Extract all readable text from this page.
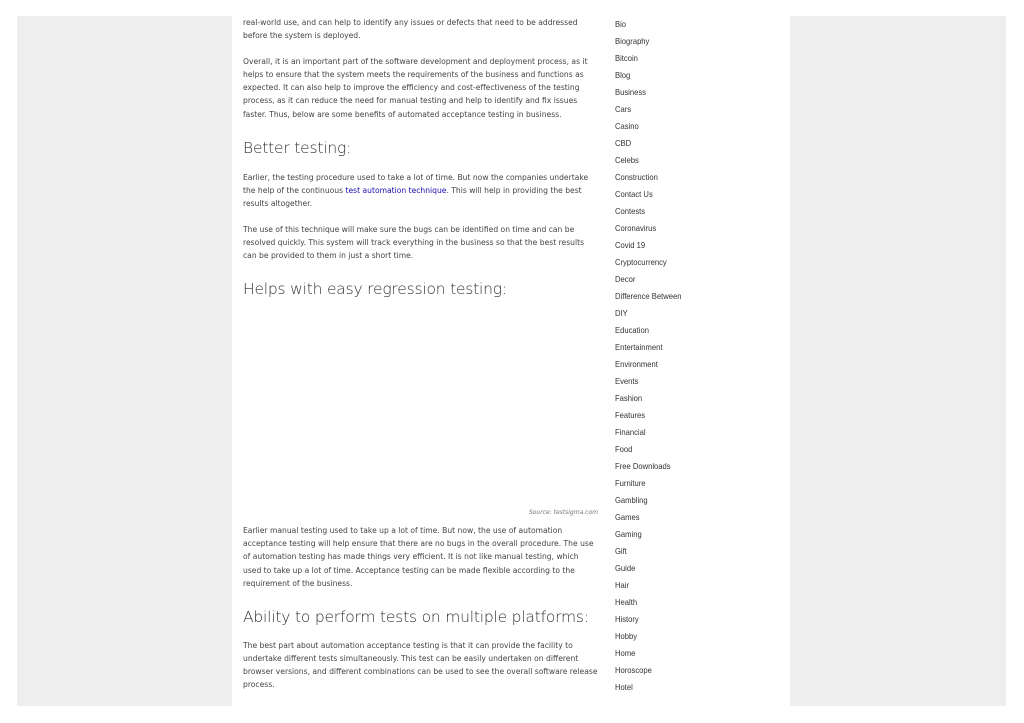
real-world use, and can help to identify any issues or defects that need to be addressed before the system is deployed.

Overall, it is an important part of the software development and deployment process, as it helps to ensure that the system meets the requirements of the business and functions as expected. It can also help to improve the efficiency and cost-effectiveness of the testing process, as it can reduce the need for manual testing and help to identify and fix issues faster. Thus, below are some benefits of automated acceptance testing in business.

Better testing:

Earlier, the testing procedure used to take a lot of time. But now the companies undertake the help of the continuous test automation technique. This will help in providing the best results altogether.

The use of this technique will make sure the bugs can be identified on time and can be resolved quickly. This system will track everything in the business so that the best results can be provided to them in just a short time.

Helps with easy regression testing:
Source: testsigma.com

Earlier manual testing used to take up a lot of time. But now, the use of automation acceptance testing will help ensure that there are no bugs in the overall procedure. The use of automation testing has made things very efficient. It is not like manual testing, which used to take up a lot of time. Acceptance testing can be made flexible according to the requirement of the business.

Ability to perform tests on multiple platforms:

The best part about automation acceptance testing is that it can provide the facility to undertake different tests simultaneously. This test can be easily undertaken on different browser versions, and different combinations can be used to see the overall software release process.

Bio
Biography
Bitcoin
Blog
Business
Cars
Casino
CBD
Celebs
Construction
Contact Us
Contests
Coronavirus
Covid 19
Cryptocurrency
Decor
Difference Between
DIY
Education
Entertainment
Environment
Events
Fashion
Features
Financial
Food
Free Downloads
Furniture
Gambling
Games
Gaming
Gift
Guide
Hair
Health
History
Hobby
Home
Horoscope
Hotel
